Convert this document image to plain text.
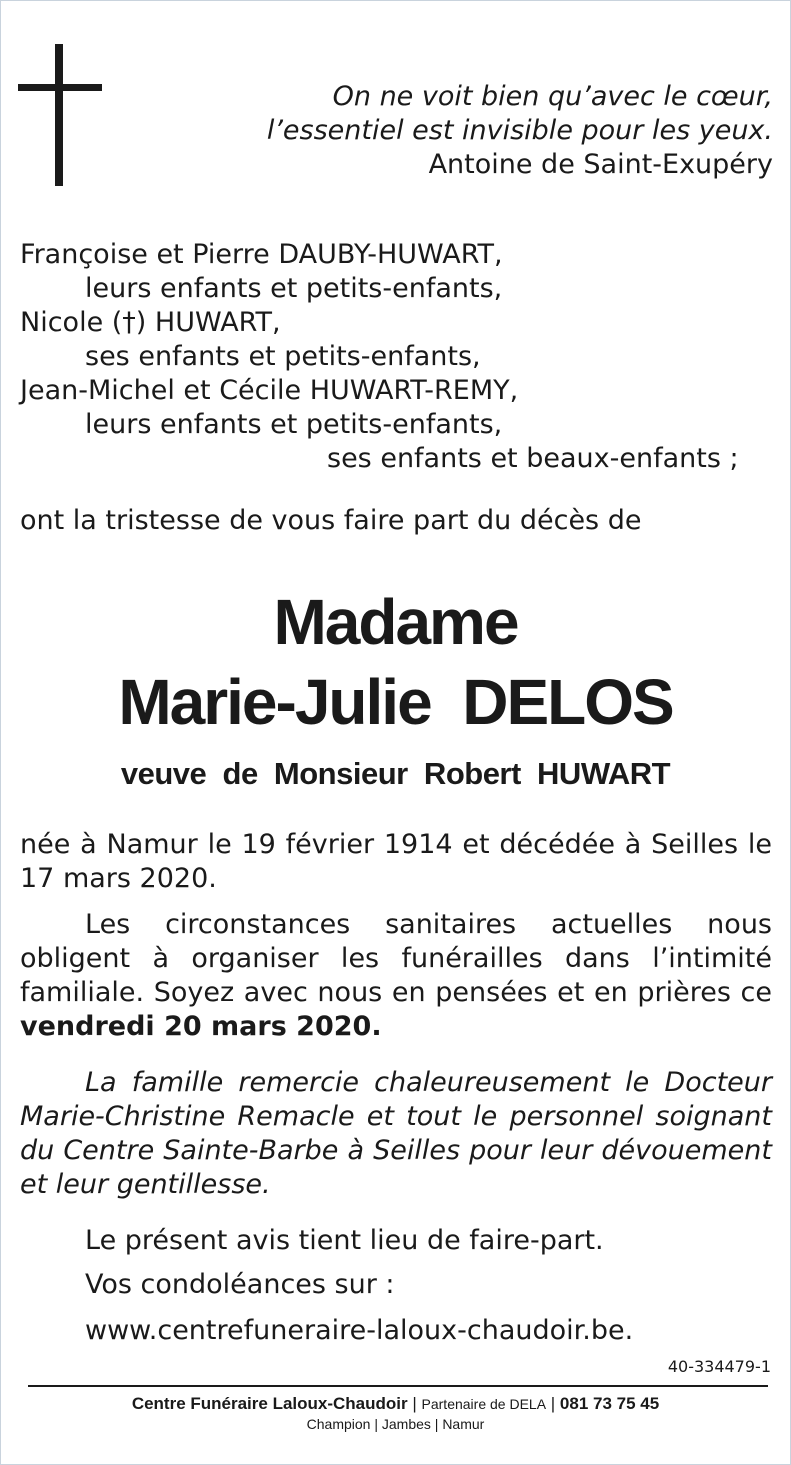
On ne voit bien qu’avec le cœur,
l’essentiel est invisible pour les yeux.
Antoine de Saint-Exupéry
Françoise et Pierre DAUBY-HUWART,
leurs enfants et petits-enfants,
Nicole (†) HUWART,
ses enfants et petits-enfants,
Jean-Michel et Cécile HUWART-REMY,
leurs enfants et petits-enfants,
ses enfants et beaux-enfants ;
ont la tristesse de vous faire part du décès de
Madame
Marie-Julie  DELOS
veuve  de  Monsieur  Robert  HUWART
née à Namur le 19 février 1914 et décédée à Seilles le 17 mars 2020.
Les circonstances sanitaires actuelles nous obligent à organiser les funérailles dans l’intimité familiale. Soyez avec nous en pensées et en prières ce vendredi 20 mars 2020.
La famille remercie chaleureusement le Docteur Marie-Christine Remacle et tout le personnel soignant du Centre Sainte-Barbe à Seilles pour leur dévouement et leur gentillesse.
Le présent avis tient lieu de faire-part.
Vos condoléances sur :
www.centrefuneraire-laloux-chaudoir.be.
40-334479-1
Centre Funéraire Laloux-Chaudoir | Partenaire de DELA | 081 73 75 45
Champion | Jambes | Namur
